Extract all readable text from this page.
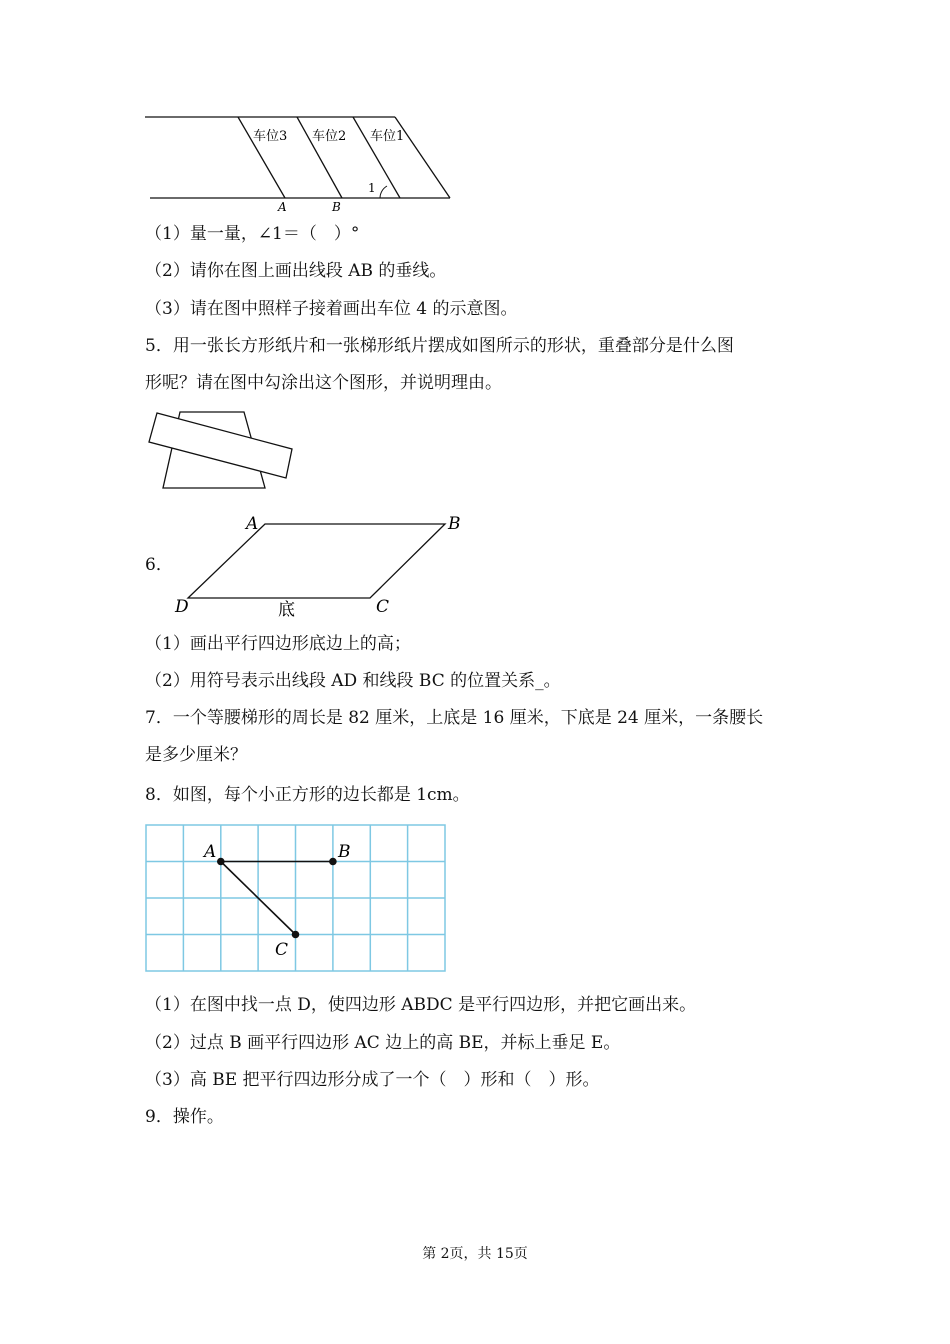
车位3 车位2 车位1
1
A	B
（1）量一量，∠1＝（　）°
（2）请你在图上画出线段 AB 的垂线。
（3）请在图中照样子接着画出车位 4 的示意图。
5．用一张长方形纸片和一张梯形纸片摆成如图所示的形状，重叠部分是什么图
形呢？请在图中勾涂出这个图形，并说明理由。
6．
A	B
C
D	底
（1）画出平行四边形底边上的高；
（2）用符号表示出线段 AD 和线段 BC 的位置关系_。
7．一个等腰梯形的周长是 82 厘米，上底是 16 厘米，下底是 24 厘米，一条腰长
是多少厘米？
8．如图，每个小正方形的边长都是 1cm。
A	B
C
（1）在图中找一点 D，使四边形 ABDC 是平行四边形，并把它画出来。
（2）过点 B 画平行四边形 AC 边上的高 BE，并标上垂足 E。
（3）高 BE 把平行四边形分成了一个（　）形和（　）形。
9．操作。
第 2页，共 15页
